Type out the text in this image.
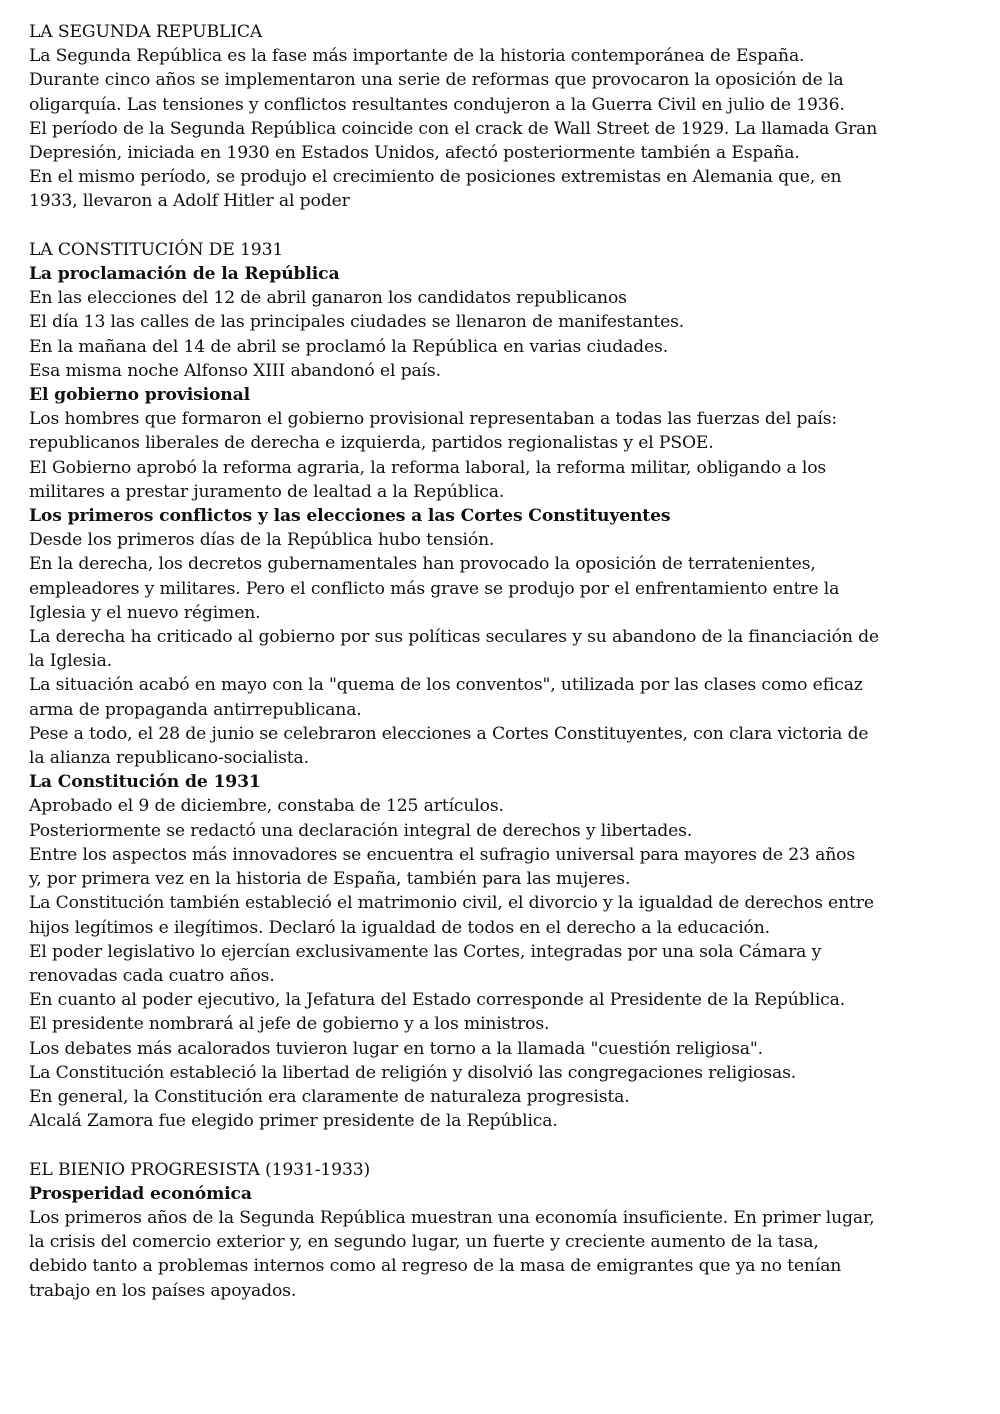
LA SEGUNDA REPUBLICA
La Segunda República es la fase más importante de la historia contemporánea de España.
Durante cinco años se implementaron una serie de reformas que provocaron la oposición de la
oligarquía. Las tensiones y conflictos resultantes condujeron a la Guerra Civil en julio de 1936.
El período de la Segunda República coincide con el crack de Wall Street de 1929. La llamada Gran
Depresión, iniciada en 1930 en Estados Unidos, afectó posteriormente también a España.
En el mismo período, se produjo el crecimiento de posiciones extremistas en Alemania que, en
1933, llevaron a Adolf Hitler al poder
LA CONSTITUCIÓN DE 1931
La proclamación de la República
En las elecciones del 12 de abril ganaron los candidatos republicanos
El día 13 las calles de las principales ciudades se llenaron de manifestantes.
En la mañana del 14 de abril se proclamó la República en varias ciudades.
Esa misma noche Alfonso XIII abandonó el país.
El gobierno provisional
Los hombres que formaron el gobierno provisional representaban a todas las fuerzas del país:
republicanos liberales de derecha e izquierda, partidos regionalistas y el PSOE.
El Gobierno aprobó la reforma agraria, la reforma laboral, la reforma militar, obligando a los
militares a prestar juramento de lealtad a la República.
Los primeros conflictos y las elecciones a las Cortes Constituyentes
Desde los primeros días de la República hubo tensión.
En la derecha, los decretos gubernamentales han provocado la oposición de terratenientes,
empleadores y militares. Pero el conflicto más grave se produjo por el enfrentamiento entre la
Iglesia y el nuevo régimen.
La derecha ha criticado al gobierno por sus políticas seculares y su abandono de la financiación de
la Iglesia.
La situación acabó en mayo con la "quema de los conventos", utilizada por las clases como eficaz
arma de propaganda antirrepublicana.
Pese a todo, el 28 de junio se celebraron elecciones a Cortes Constituyentes, con clara victoria de
la alianza republicano-socialista.
La Constitución de 1931
Aprobado el 9 de diciembre, constaba de 125 artículos.
Posteriormente se redactó una declaración integral de derechos y libertades.
Entre los aspectos más innovadores se encuentra el sufragio universal para mayores de 23 años
y, por primera vez en la historia de España, también para las mujeres.
La Constitución también estableció el matrimonio civil, el divorcio y la igualdad de derechos entre
hijos legítimos e ilegítimos. Declaró la igualdad de todos en el derecho a la educación.
El poder legislativo lo ejercían exclusivamente las Cortes, integradas por una sola Cámara y
renovadas cada cuatro años.
En cuanto al poder ejecutivo, la Jefatura del Estado corresponde al Presidente de la República.
El presidente nombrará al jefe de gobierno y a los ministros.
Los debates más acalorados tuvieron lugar en torno a la llamada "cuestión religiosa".
La Constitución estableció la libertad de religión y disolvió las congregaciones religiosas.
En general, la Constitución era claramente de naturaleza progresista.
Alcalá Zamora fue elegido primer presidente de la República.
EL BIENIO PROGRESISTA (1931-1933)
Prosperidad económica
Los primeros años de la Segunda República muestran una economía insuficiente. En primer lugar,
la crisis del comercio exterior y, en segundo lugar, un fuerte y creciente aumento de la tasa,
debido tanto a problemas internos como al regreso de la masa de emigrantes que ya no tenían
trabajo en los países apoyados.
